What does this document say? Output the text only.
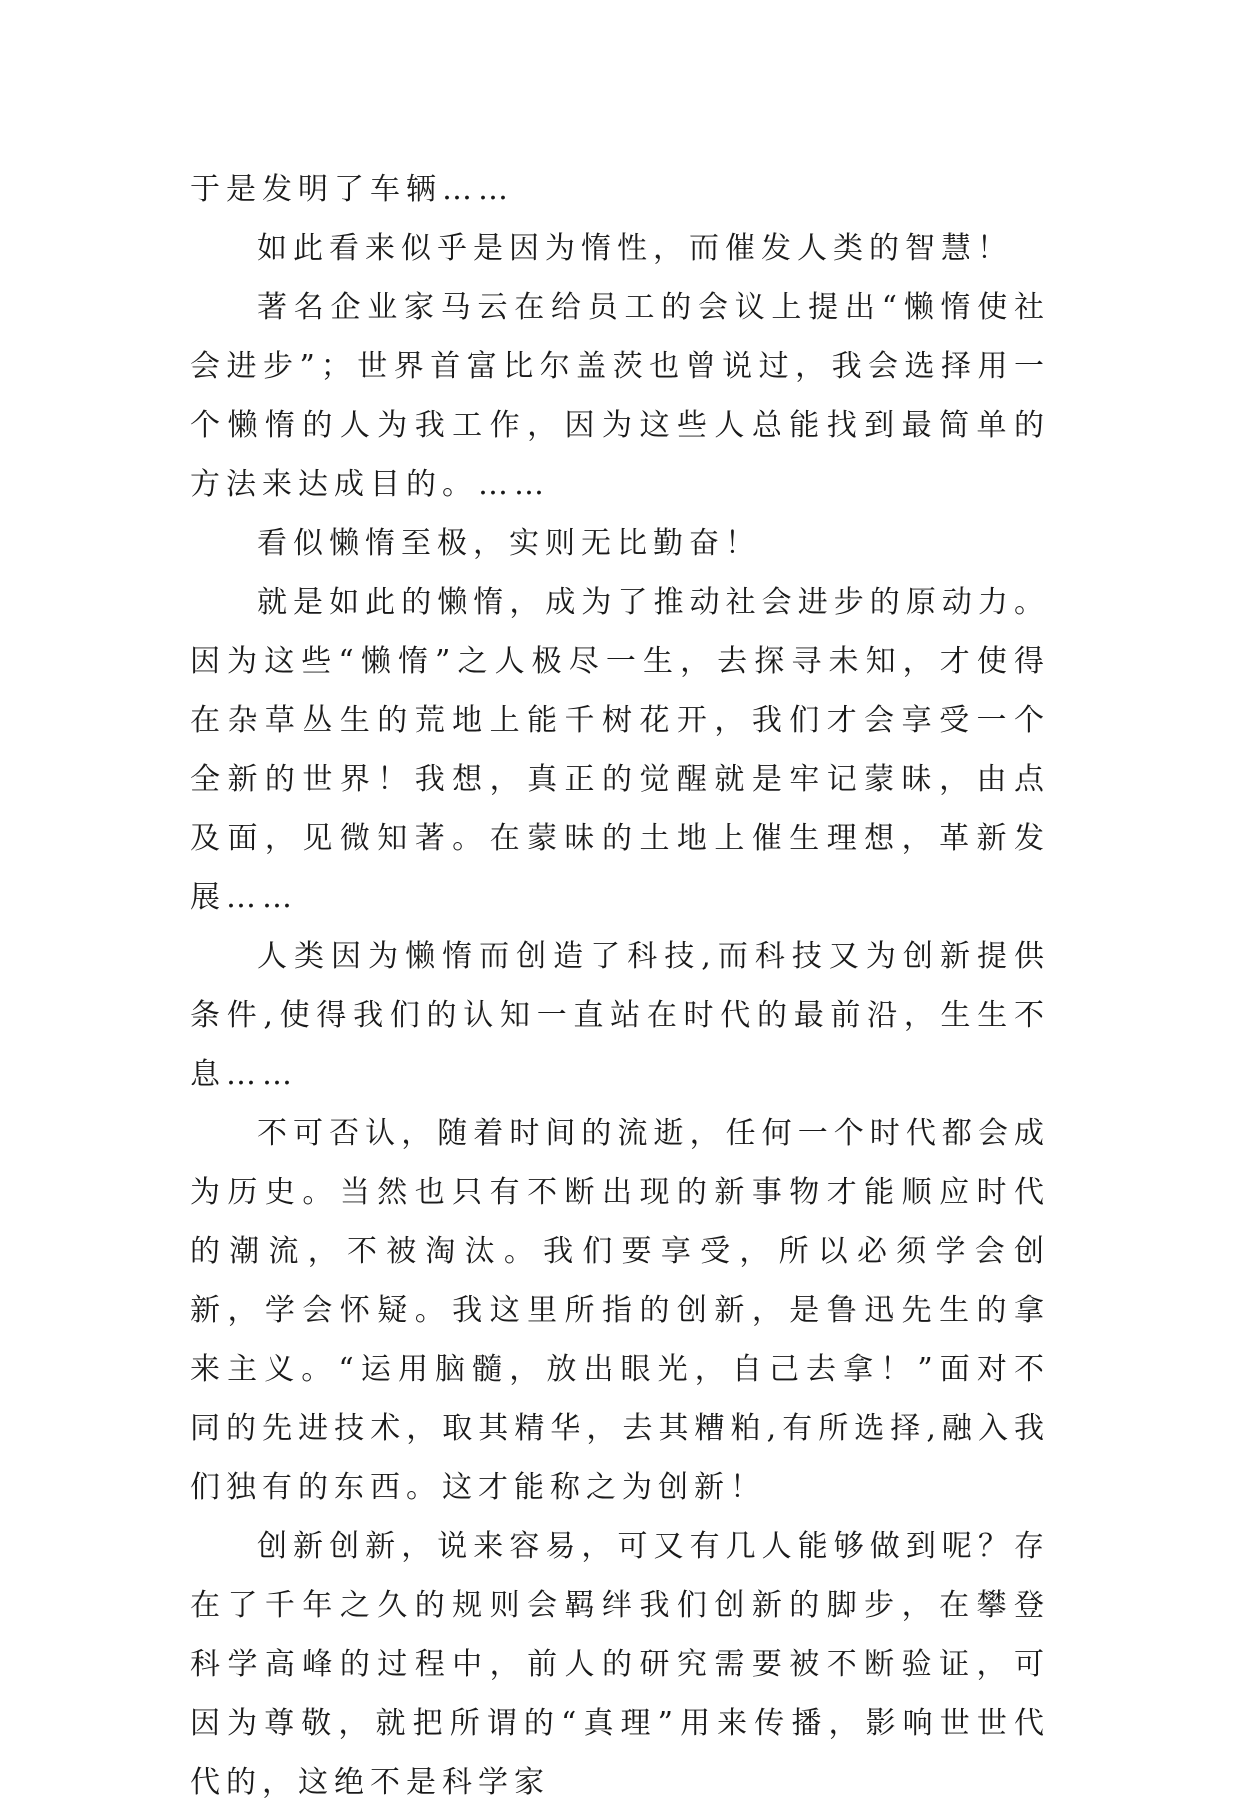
于是发明了车辆……

如此看来似乎是因为惰性，而催发人类的智慧！

著名企业家马云在给员工的会议上提出“懒惰使社会进步”；世界首富比尔盖茨也曾说过，我会选择用一个懒惰的人为我工作，因为这些人总能找到最简单的方法来达成目的。……

看似懒惰至极，实则无比勤奋！

就是如此的懒惰，成为了推动社会进步的原动力。因为这些“懒惰”之人极尽一生，去探寻未知，才使得在杂草丛生的荒地上能千树花开，我们才会享受一个全新的世界！我想，真正的觉醒就是牢记蒙昧，由点及面，见微知著。在蒙昧的土地上催生理想，革新发展……

人类因为懒惰而创造了科技,而科技又为创新提供条件,使得我们的认知一直站在时代的最前沿，生生不息……

不可否认，随着时间的流逝，任何一个时代都会成为历史。当然也只有不断出现的新事物才能顺应时代的潮流，不被淘汰。我们要享受，所以必须学会创新，学会怀疑。我这里所指的创新，是鲁迅先生的拿来主义。“运用脑髓，放出眼光，自己去拿！”面对不同的先进技术，取其精华，去其糟粕,有所选择,融入我们独有的东西。这才能称之为创新！

创新创新，说来容易，可又有几人能够做到呢？存在了千年之久的规则会羁绊我们创新的脚步，在攀登科学高峰的过程中，前人的研究需要被不断验证，可因为尊敬，就把所谓的“真理”用来传播，影响世世代代的，这绝不是科学家
